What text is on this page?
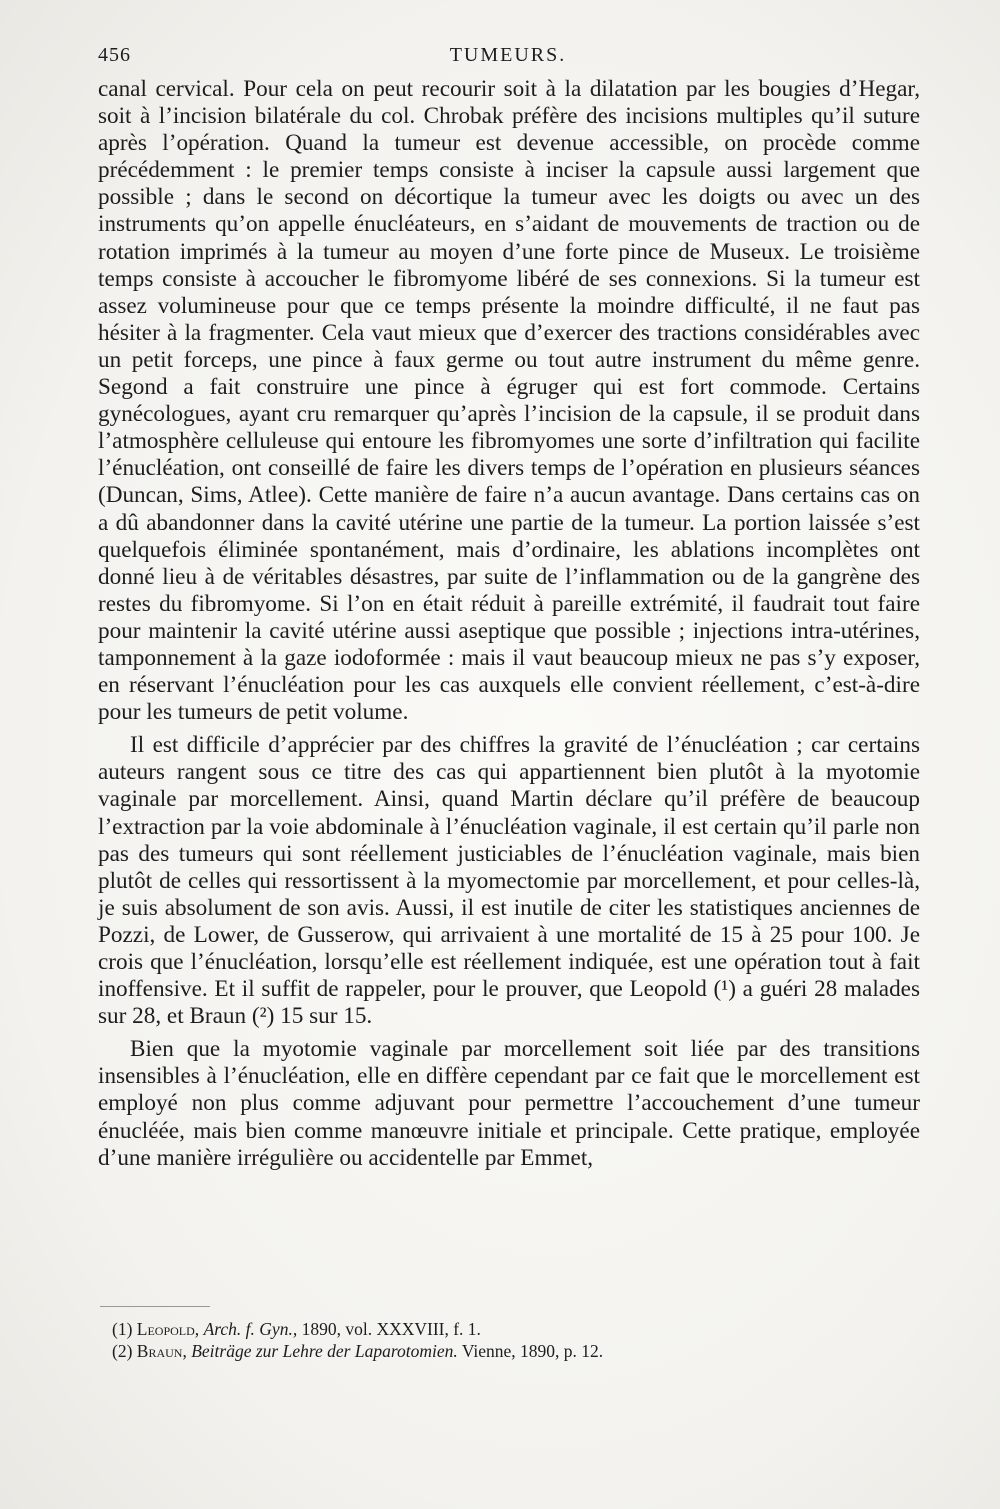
456	TUMEURS.

canal cervical. Pour cela on peut recourir soit à la dilatation par les bougies d’Hegar, soit à l’incision bilatérale du col. Chrobak préfère des incisions multiples qu’il suture après l’opération. Quand la tumeur est devenue accessible, on procède comme précédemment : le premier temps consiste à inciser la capsule aussi largement que possible ; dans le second on décortique la tumeur avec les doigts ou avec un des instruments qu’on appelle énucléateurs, en s’aidant de mouvements de traction ou de rotation imprimés à la tumeur au moyen d’une forte pince de Museux. Le troisième temps consiste à accoucher le fibromyome libéré de ses connexions. Si la tumeur est assez volumineuse pour que ce temps présente la moindre difficulté, il ne faut pas hésiter à la fragmenter. Cela vaut mieux que d’exercer des tractions considérables avec un petit forceps, une pince à faux germe ou tout autre instrument du même genre. Segond a fait construire une pince à égruger qui est fort commode. Certains gynécologues, ayant cru remarquer qu’après l’incision de la capsule, il se produit dans l’atmosphère celluleuse qui entoure les fibromyomes une sorte d’infiltration qui facilite l’énucléation, ont conseillé de faire les divers temps de l’opération en plusieurs séances (Duncan, Sims, Atlee). Cette manière de faire n’a aucun avantage. Dans certains cas on a dû abandonner dans la cavité utérine une partie de la tumeur. La portion laissée s’est quelquefois éliminée spontanément, mais d’ordinaire, les ablations incomplètes ont donné lieu à de véritables désastres, par suite de l’inflammation ou de la gangrène des restes du fibromyome. Si l’on en était réduit à pareille extrémité, il faudrait tout faire pour maintenir la cavité utérine aussi aseptique que possible ; injections intra-utérines, tamponnement à la gaze iodoformée : mais il vaut beaucoup mieux ne pas s’y exposer, en réservant l’énucléation pour les cas auxquels elle convient réellement, c’est-à-dire pour les tumeurs de petit volume.

Il est difficile d’apprécier par des chiffres la gravité de l’énucléation ; car certains auteurs rangent sous ce titre des cas qui appartiennent bien plutôt à la myotomie vaginale par morcellement. Ainsi, quand Martin déclare qu’il préfère de beaucoup l’extraction par la voie abdominale à l’énucléation vaginale, il est certain qu’il parle non pas des tumeurs qui sont réellement justiciables de l’énucléation vaginale, mais bien plutôt de celles qui ressortissent à la myomectomie par morcellement, et pour celles-là, je suis absolument de son avis. Aussi, il est inutile de citer les statistiques anciennes de Pozzi, de Lower, de Gusserow, qui arrivaient à une mortalité de 15 à 25 pour 100. Je crois que l’énucléation, lorsqu’elle est réellement indiquée, est une opération tout à fait inoffensive. Et il suffit de rappeler, pour le prouver, que Leopold (¹) a guéri 28 malades sur 28, et Braun (²) 15 sur 15.

Bien que la myotomie vaginale par morcellement soit liée par des transitions insensibles à l’énucléation, elle en diffère cependant par ce fait que le morcellement est employé non plus comme adjuvant pour permettre l’accouchement d’une tumeur énucléée, mais bien comme manœuvre initiale et principale. Cette pratique, employée d’une manière irrégulière ou accidentelle par Emmet,

(1) Leopold, Arch. f. Gyn., 1890, vol. XXXVIII, f. 1.

(2) Braun, Beiträge zur Lehre der Laparotomien. Vienne, 1890, p. 12.
